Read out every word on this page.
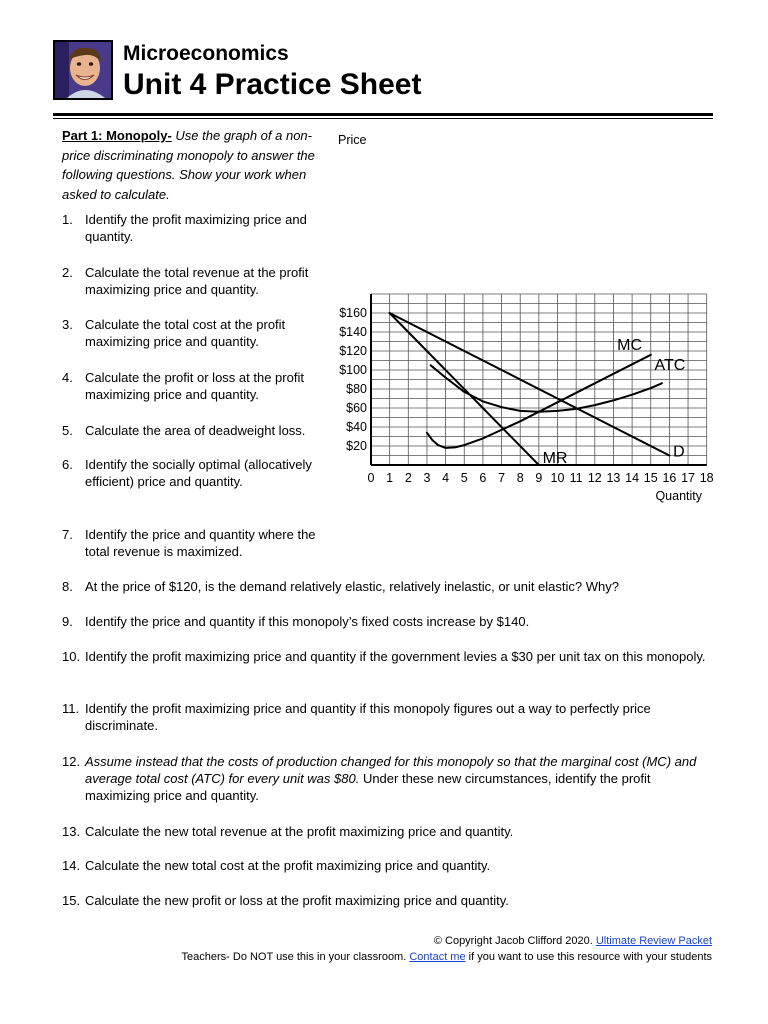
Microeconomics
Unit 4 Practice Sheet
Part 1: Monopoly- Use the graph of a non-price discriminating monopoly to answer the following questions. Show your work when asked to calculate.
1. Identify the profit maximizing price and quantity.
2. Calculate the total revenue at the profit maximizing price and quantity.
3. Calculate the total cost at the profit maximizing price and quantity.
4. Calculate the profit or loss at the profit maximizing price and quantity.
5. Calculate the area of deadweight loss.
6. Identify the socially optimal (allocatively efficient) price and quantity.
7. Identify the price and quantity where the total revenue is maximized.
8. At the price of $120, is the demand relatively elastic, relatively inelastic, or unit elastic? Why?
9. Identify the price and quantity if this monopoly’s fixed costs increase by $140.
10. Identify the profit maximizing price and quantity if the government levies a $30 per unit tax on this monopoly.
11. Identify the profit maximizing price and quantity if this monopoly figures out a way to perfectly price discriminate.
12. Assume instead that the costs of production changed for this monopoly so that the marginal cost (MC) and average total cost (ATC) for every unit was $80. Under these new circumstances, identify the profit maximizing price and quantity.
13. Calculate the new total revenue at the profit maximizing price and quantity.
14. Calculate the new total cost at the profit maximizing price and quantity.
15. Calculate the new profit or loss at the profit maximizing price and quantity.
0 1 2 3 4 5 6 7 8 9 10 11 12 13 14 15 16 17 18
$20
$40
$60
$80
$100
$120
$140
$160
Price
Quantity
D
MR
MC
ATC
© Copyright Jacob Clifford 2020. Ultimate Review Packet
Teachers- Do NOT use this in your classroom. Contact me if you want to use this resource with your students
